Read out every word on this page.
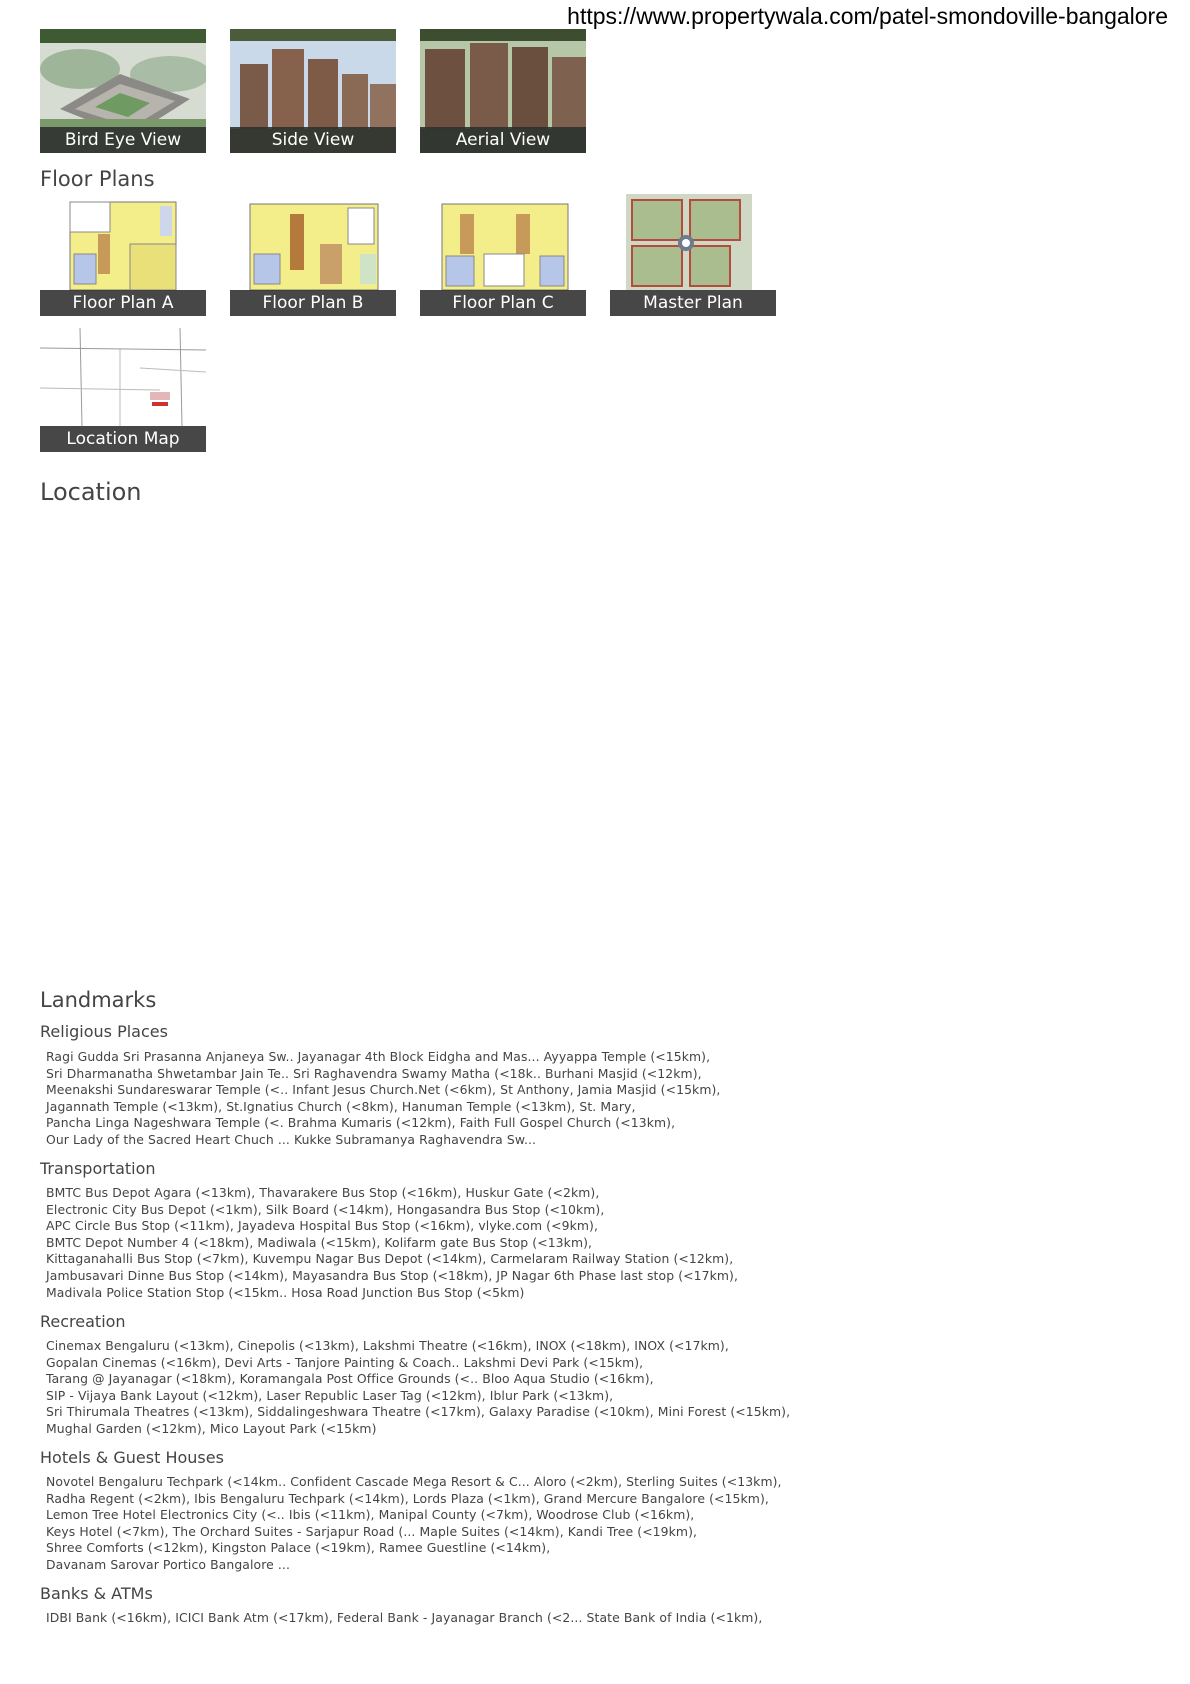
https://www.propertywala.com/patel-smondoville-bangalore
Bird Eye View	Side View	Aerial View
Floor Plans
Floor Plan A	Floor Plan B	Floor Plan C	Master Plan
Location Map
Location
Landmarks
Religious Places
Ragi Gudda Sri Prasanna Anjaneya Sw.. Jayanagar 4th Block Eidgha and Mas... Ayyappa Temple (<15km),
Sri Dharmanatha Shwetambar Jain Te.. Sri Raghavendra Swamy Matha (<18k.. Burhani Masjid (<12km),
Meenakshi Sundareswarar Temple (<.. Infant Jesus Church.Net (<6km), St Anthony, Jamia Masjid (<15km),
Jagannath Temple (<13km), St.Ignatius Church (<8km), Hanuman Temple (<13km), St. Mary,
Pancha Linga Nageshwara Temple (<. Brahma Kumaris (<12km), Faith Full Gospel Church (<13km),
Our Lady of the Sacred Heart Chuch ... Kukke Subramanya Raghavendra Sw...
Transportation
BMTC Bus Depot Agara (<13km), Thavarakere Bus Stop (<16km), Huskur Gate (<2km),
Electronic City Bus Depot (<1km), Silk Board (<14km), Hongasandra Bus Stop (<10km),
APC Circle Bus Stop (<11km), Jayadeva Hospital Bus Stop (<16km), vlyke.com (<9km),
BMTC Depot Number 4 (<18km), Madiwala (<15km), Kolifarm gate Bus Stop (<13km),
Kittaganahalli Bus Stop (<7km), Kuvempu Nagar Bus Depot (<14km), Carmelaram Railway Station (<12km),
Jambusavari Dinne Bus Stop (<14km), Mayasandra Bus Stop (<18km), JP Nagar 6th Phase last stop (<17km),
Madivala Police Station Stop (<15km.. Hosa Road Junction Bus Stop (<5km)
Recreation
Cinemax Bengaluru (<13km), Cinepolis (<13km), Lakshmi Theatre (<16km), INOX (<18km), INOX (<17km),
Gopalan Cinemas (<16km), Devi Arts - Tanjore Painting & Coach.. Lakshmi Devi Park (<15km),
Tarang @ Jayanagar (<18km), Koramangala Post Office Grounds (<.. Bloo Aqua Studio (<16km),
SIP - Vijaya Bank Layout (<12km), Laser Republic Laser Tag (<12km), Iblur Park (<13km),
Sri Thirumala Theatres (<13km), Siddalingeshwara Theatre (<17km), Galaxy Paradise (<10km), Mini Forest (<15km),
Mughal Garden (<12km), Mico Layout Park (<15km)
Hotels & Guest Houses
Novotel Bengaluru Techpark (<14km.. Confident Cascade Mega Resort & C... Aloro (<2km), Sterling Suites (<13km),
Radha Regent (<2km), Ibis Bengaluru Techpark (<14km), Lords Plaza (<1km), Grand Mercure Bangalore (<15km),
Lemon Tree Hotel Electronics City (<.. Ibis (<11km), Manipal County (<7km), Woodrose Club (<16km),
Keys Hotel (<7km), The Orchard Suites - Sarjapur Road (... Maple Suites (<14km), Kandi Tree (<19km),
Shree Comforts (<12km), Kingston Palace (<19km), Ramee Guestline (<14km),
Davanam Sarovar Portico Bangalore ...
Banks & ATMs
IDBI Bank (<16km), ICICI Bank Atm (<17km), Federal Bank - Jayanagar Branch (<2... State Bank of India (<1km),
